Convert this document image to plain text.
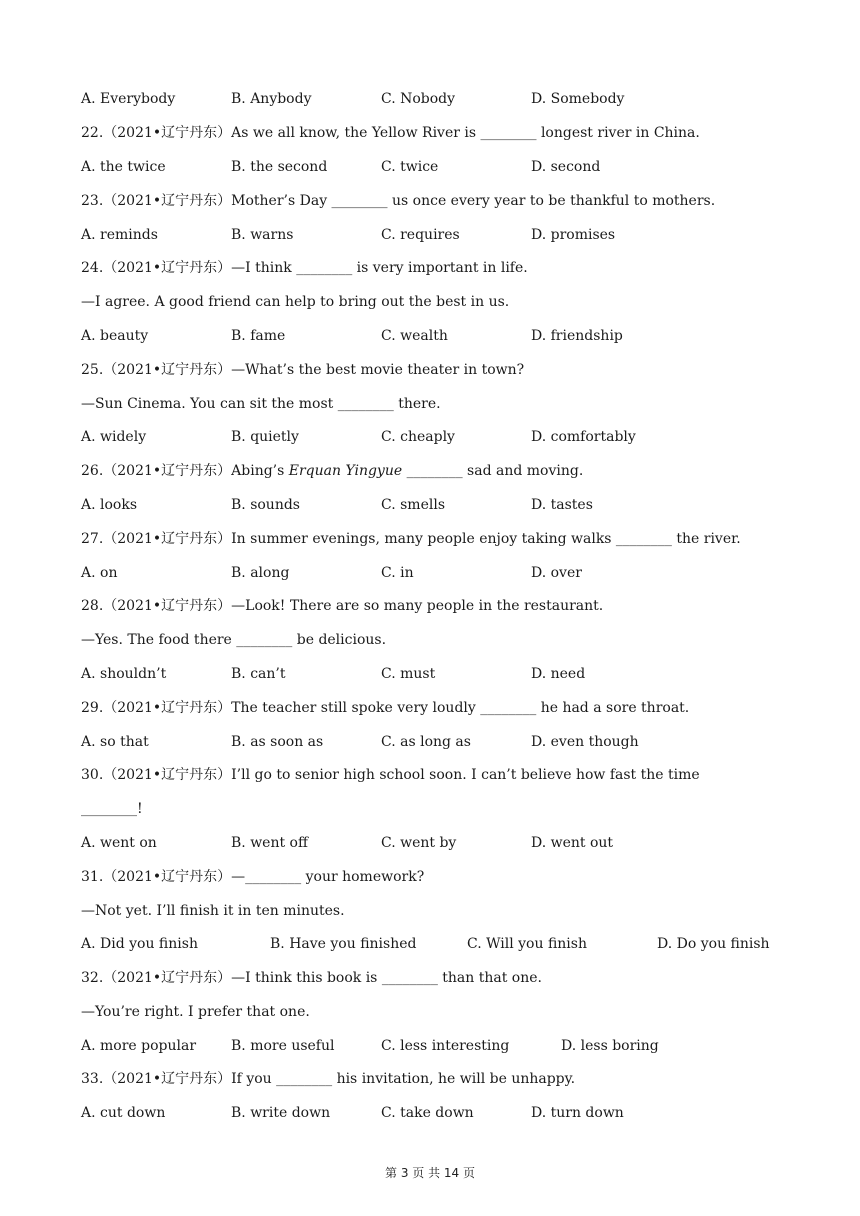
A. Everybody	B. Anybody	C. Nobody	D. Somebody
22.（2021•辽宁丹东）As we all know, the Yellow River is ________ longest river in China.
A. the twice	B. the second	C. twice	D. second
23.（2021•辽宁丹东）Mother’s Day ________ us once every year to be thankful to mothers.
A. reminds	B. warns	C. requires	D. promises
24.（2021•辽宁丹东）—I think ________ is very important in life.
—I agree. A good friend can help to bring out the best in us.
A. beauty	B. fame	C. wealth	D. friendship
25.（2021•辽宁丹东）—What’s the best movie theater in town?
—Sun Cinema. You can sit the most ________ there.
A. widely	B. quietly	C. cheaply	D. comfortably
26.（2021•辽宁丹东）Abing’s Erquan Yingyue ________ sad and moving.
A. looks	B. sounds	C. smells	D. tastes
27.（2021•辽宁丹东）In summer evenings, many people enjoy taking walks ________ the river.
A. on	B. along	C. in	D. over
28.（2021•辽宁丹东）—Look! There are so many people in the restaurant.
—Yes. The food there ________ be delicious.
A. shouldn’t	B. can’t	C. must	D. need
29.（2021•辽宁丹东）The teacher still spoke very loudly ________ he had a sore throat.
A. so that	B. as soon as	C. as long as	D. even though
30.（2021•辽宁丹东）I’ll go to senior high school soon. I can’t believe how fast the time
________!
A. went on	B. went off	C. went by	D. went out
31.（2021•辽宁丹东）—________ your homework?
—Not yet. I’ll finish it in ten minutes.
A. Did you finish	B. Have you finished	C. Will you finish	D. Do you finish
32.（2021•辽宁丹东）—I think this book is ________ than that one.
—You’re right. I prefer that one.
A. more popular B. more useful	C. less interesting	D. less boring
33.（2021•辽宁丹东）If you ________ his invitation, he will be unhappy.
A. cut down	B. write down	C. take down	D. turn down
第 3 页 共 14 页
